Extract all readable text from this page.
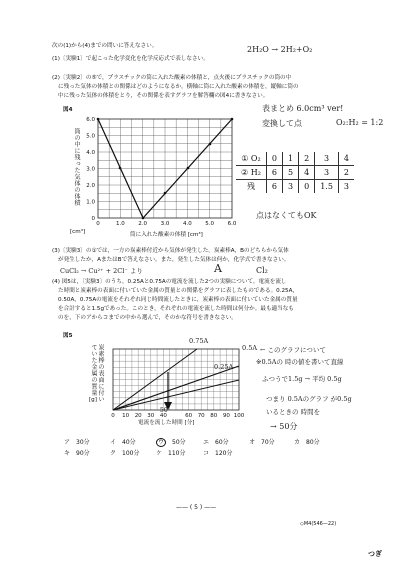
次の(1)から(4)までの問いに答えなさい。
(1)〔実験1〕で起こった化学変化を化学反応式で表しなさい。
2H₂O → 2H₂+O₂
(2)〔実験2〕の⑤で，プラスチックの筒に入れた酸素の体積と，点火後にプラスチックの筒の中
に残った気体の体積との関係はどのようになるか。横軸に筒に入れた酸素の体積を，縦軸に筒の
中に残った気体の体積をとり，その関係を表すグラフを解答欄の図4に書きなさい。
図4
筒の中に残った気体の体積
[cm³]
6.0
5.0
4.0
3.0
2.0
1.0
0
0	1.0 2.0 3.0 4.0 5.0 6.0
筒に入れた酸素の体積 [cm³]
表まとめ 6.0cm³ ver!
変換して点	O₂:H₂ = 1:2
① O₂	0	1	2	3	4
② H₂	6	5	4	3	2
残	6	3	0	1.5	3
点はなくてもOK
(3)〔実験3〕の①では，一方の炭素棒付近から気体が発生した。炭素棒A，Bのどちらから気体
が発生したか，AまたはBで答えなさい。また，発生した気体は何か，化学式で書きなさい。
CuCl₂ → Cu²⁺ + 2Cl⁻ より	A	Cl₂
(4) 図5は，〔実験3〕のうち，0.25Aと0.75Aの電流を流した2つの実験について，電流を流し
た時間と炭素棒の表面に付いていた金属の質量との関係をグラフに表したものである。0.25A，
0.50A，0.75Aの電流をそれぞれ同じ時間流したときに，炭素棒の表面に付いていた金属の質量
を合計すると1.5gであった。このとき，それぞれの電流を流した時間は何分か。最も適当なも
のを，下のアからコまでの中から選んで，そのかな符号を書きなさい。
図5
炭素棒の表面に付いていた金属の質量
[g]
0 10 20 30 40	60 70 80 90 100
0.75A
0.5A
0.25A
50
電流を流した時間 [分]
← このグラフについて
※0.5Aの 時の値を書いて直線
ふつうで1.5g → 平均 0.5g
つまり 0.5Aのグラフ が0.5g
いるときの 時間を
→ 50分
ア　 30分	イ　 40分	ウ　 50分	エ　 60分	オ　 70分	カ　 80分
キ　 90分	ク　 100分	ケ　 110分	コ　 120分
—— ( 5 ) ——
◇M4(546—22)
つぎ
